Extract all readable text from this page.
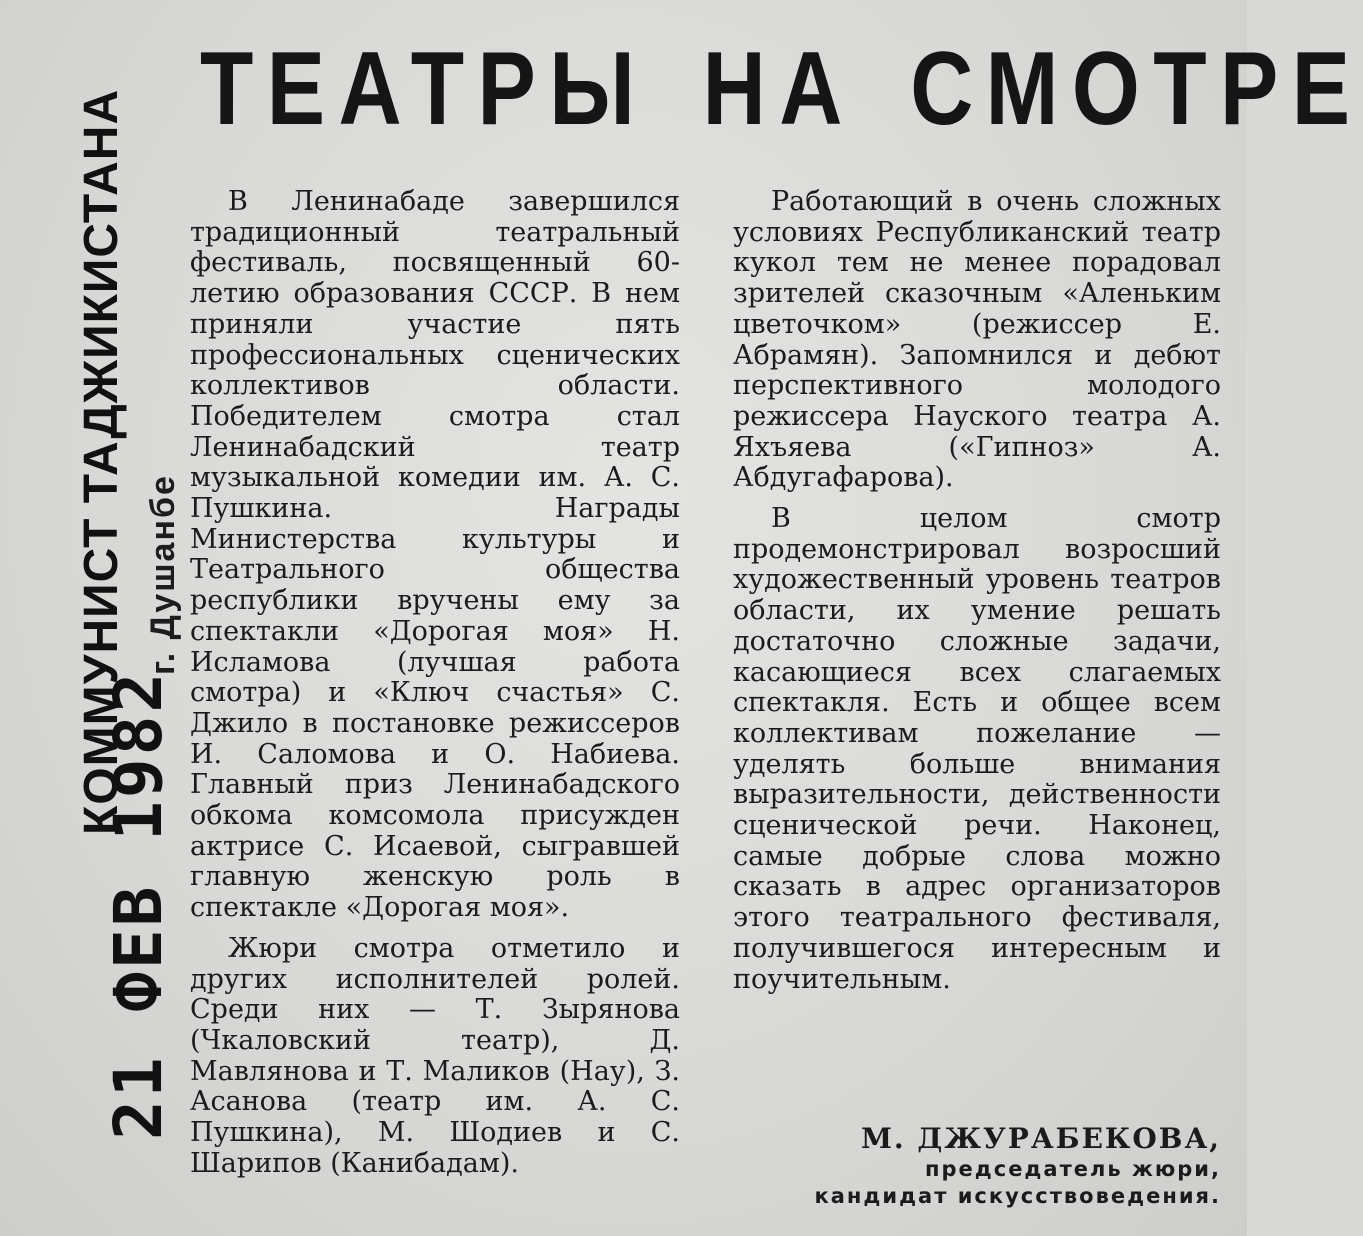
ТЕАТРЫ НА СМОТРЕ
21 ФЕВ 1982
КОММУНИСТ ТАДЖИКИСТАНА г. Душанбе

В Ленинабаде завершился традиционный театральный фестиваль, посвященный 60-летию образования СССР. В нем приняли участие пять профессиональных сценических коллективов области. Победителем смотра стал Ленинабадский театр музыкальной комедии им. А. С. Пушкина. Награды Министерства культуры и Театрального общества республики вручены ему за спектакли «Дорогая моя» Н. Исламова (лучшая работа смотра) и «Ключ счастья» С. Джило в постановке режиссеров И. Саломова и О. Набиева. Главный приз Ленинабадского обкома комсомола присужден актрисе С. Исаевой, сыгравшей главную женскую роль в спектакле «Дорогая моя».

Жюри смотра отметило и других исполнителей ролей. Среди них — Т. Зырянова (Чкаловский театр), Д. Мавлянова и Т. Маликов (Нау), З. Асанова (театр им. А. С. Пушкина), М. Шодиев и С. Шарипов (Канибадам).

Работающий в очень сложных условиях Республиканский театр кукол тем не менее порадовал зрителей сказочным «Аленьким цветочком» (режиссер Е. Абрамян). Запомнился и дебют перспективного молодого режиссера Науского театра А. Яхъяева («Гипноз» А. Абдугафарова).

В целом смотр продемонстрировал возросший художественный уровень театров области, их умение решать достаточно сложные задачи, касающиеся всех слагаемых спектакля. Есть и общее всем коллективам пожелание — уделять больше внимания выразительности, действенности сценической речи. Наконец, самые добрые слова можно сказать в адрес организаторов этого театрального фестиваля, получившегося интересным и поучительным.

М. ДЖУРАБЕКОВА,
председатель жюри,
кандидат искусствоведения.
